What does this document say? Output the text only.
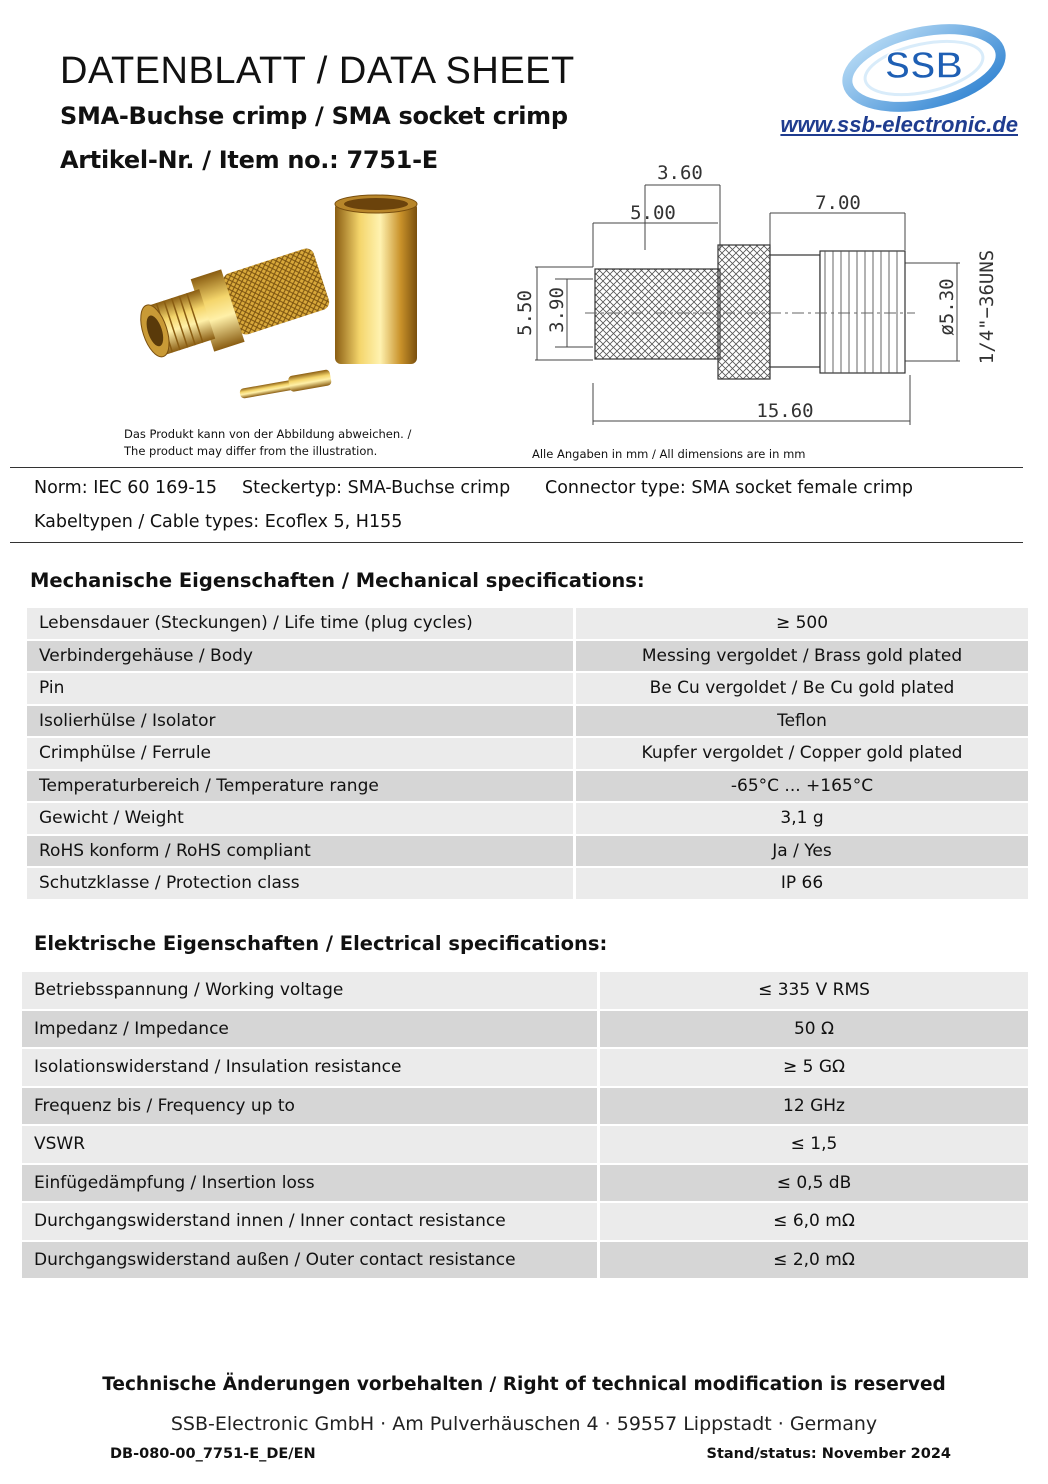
DATENBLATT / DATA SHEET
SMA-Buchse crimp / SMA socket crimp
Artikel-Nr. / Item no.: 7751-E
SSB
www.ssb-electronic.de
Das Produkt kann von der Abbildung abweichen. /
The product may differ from the illustration.
3.60
5.00	7.00
15.60
5.50 3.90	ø5.30 1/4"−36UNS
Alle Angaben in mm / All dimensions are in mm
Norm: IEC 60 169-15 Steckertyp: SMA-Buchse crimp Connector type: SMA socket female crimp
Kabeltypen / Cable types: Ecoflex 5, H155
Mechanische Eigenschaften / Mechanical specifications:
Lebensdauer (Steckungen) / Life time (plug cycles)	≥ 500
Verbindergehäuse / Body	Messing vergoldet / Brass gold plated
Pin	Be Cu vergoldet / Be Cu gold plated
Isolierhülse / Isolator	Teflon
Crimphülse / Ferrule	Kupfer vergoldet / Copper gold plated
Temperaturbereich / Temperature range	-65°C ... +165°C
Gewicht / Weight	3,1 g
RoHS konform / RoHS compliant	Ja / Yes
Schutzklasse / Protection class	IP 66
Elektrische Eigenschaften / Electrical specifications:
Betriebsspannung / Working voltage	≤ 335 V RMS
Impedanz / Impedance	50 Ω
Isolationswiderstand / Insulation resistance	≥ 5 GΩ
Frequenz bis / Frequency up to	12 GHz
VSWR	≤ 1,5
Einfügedämpfung / Insertion loss	≤ 0,5 dB
Durchgangswiderstand innen / Inner contact resistance	≤ 6,0 mΩ
Durchgangswiderstand außen / Outer contact resistance	≤ 2,0 mΩ
Technische Änderungen vorbehalten / Right of technical modification is reserved
SSB-Electronic GmbH · Am Pulverhäuschen 4 · 59557 Lippstadt · Germany
DB-080-00_7751-E_DE/EN	Stand/status: November 2024
